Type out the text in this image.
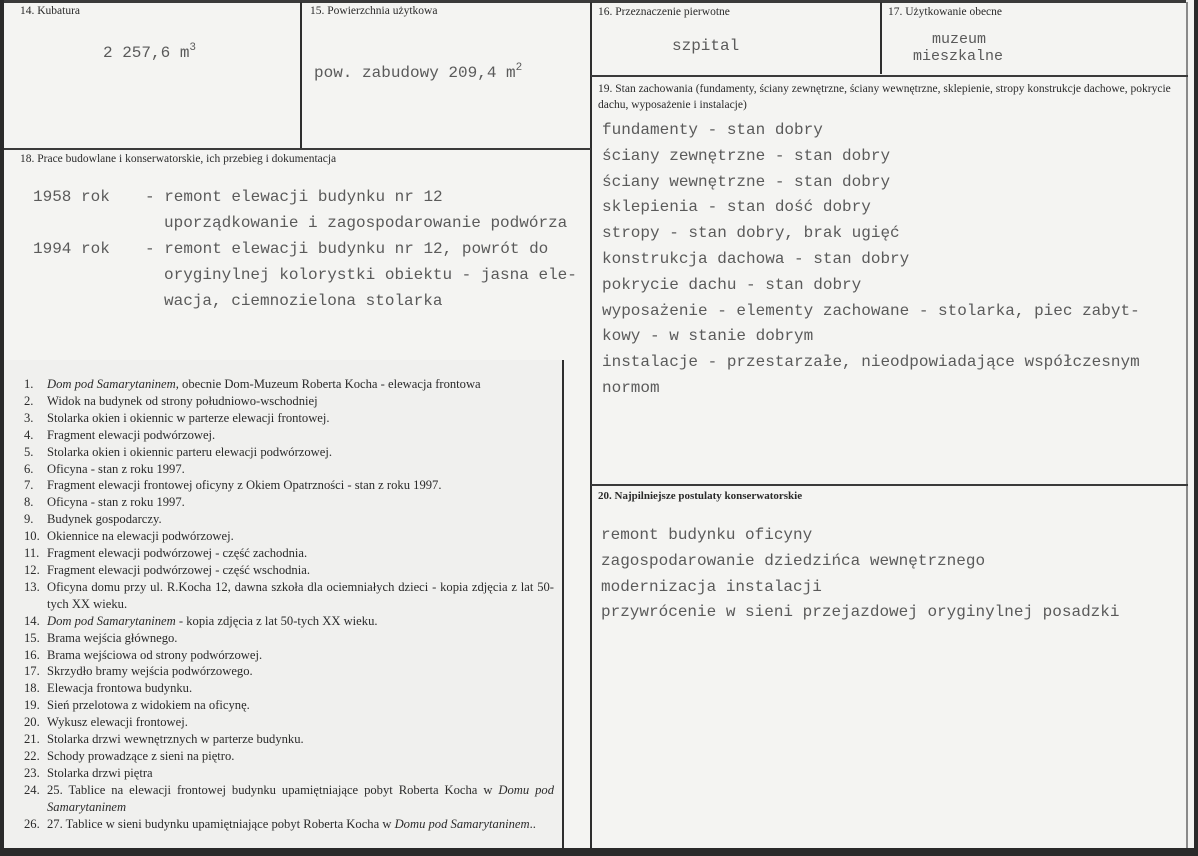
14. Kubatura
2 257,6 $m^3$
15. Powierzchnia użytkowa
pow. zabudowy 209,4 $m^2$
16. Przeznaczenie pierwotne
szpital
17. Użytkowanie obecne
muzeum
mieszkalne
19. Stan zachowania (fundamenty, ściany zewnętrzne, ściany wewnętrzne, sklepienie, stropy konstrukcje dachowe, pokrycie dachu, wyposażenie i instalacje)
fundamenty - stan dobry
ściany zewnętrzne - stan dobry
ściany wewnętrzne - stan dobry
sklepienia - stan dość dobry
stropy - stan dobry, brak ugięć
konstrukcja dachowa - stan dobry
pokrycie dachu - stan dobry
wyposażenie - elementy zachowane - stolarka, piec zabyt-
kowy - w stanie dobrym
instalacje - przestarzałe, nieodpowiadające współczesnym
normom
18. Prace budowlane i konserwatorskie, ich przebieg i dokumentacja
1958 rok	- remont elewacji budynku nr 12
uporządkowanie i zagospodarowanie podwórza
1994 rok	- remont elewacji budynku nr 12, powrót do
oryginylnej kolorystki obiektu - jasna ele-
wacja, ciemnozielona stolarka
20. Najpilniejsze postulaty konserwatorskie
remont budynku oficyny
zagospodarowanie dziedzińca wewnętrznego
modernizacja instalacji
przywrócenie w sieni przejazdowej oryginylnej posadzki
1.	Dom pod Samarytaninem, obecnie Dom-Muzeum Roberta Kocha - elewacja frontowa
2.	Widok na budynek od strony południowo-wschodniej
3.	Stolarka okien i okiennic w parterze elewacji frontowej.
4.	Fragment elewacji podwórzowej.
5.	Stolarka okien i okiennic parteru elewacji podwórzowej.
6.	Oficyna - stan z roku 1997.
7.	Fragment elewacji frontowej oficyny z Okiem Opatrzności - stan z roku 1997.
8.	Oficyna - stan z roku 1997.
9.	Budynek gospodarczy.
10. Okiennice na elewacji podwórzowej.
11. Fragment elewacji podwórzowej - część zachodnia.
12. Fragment elewacji podwórzowej - część wschodnia.
13. Oficyna domu przy ul. R.Kocha 12, dawna szkoła dla ociemniałych dzieci - kopia zdjęcia z lat 50-tych XX wieku.
14. Dom pod Samarytaninem - kopia zdjęcia z lat 50-tych XX wieku.
15. Brama wejścia głównego.
16. Brama wejściowa od strony podwórzowej.
17. Skrzydło bramy wejścia podwórzowego.
18. Elewacja frontowa budynku.
19. Sień przelotowa z widokiem na oficynę.
20. Wykusz elewacji frontowej.
21. Stolarka drzwi wewnętrznych w parterze budynku.
22. Schody prowadzące z sieni na piętro.
23. Stolarka drzwi piętra
24. 25. Tablice na elewacji frontowej budynku upamiętniające pobyt Roberta Kocha w Domu pod Samarytaninem
26. 27. Tablice w sieni budynku upamiętniające pobyt Roberta Kocha w Domu pod Samarytaninem..
